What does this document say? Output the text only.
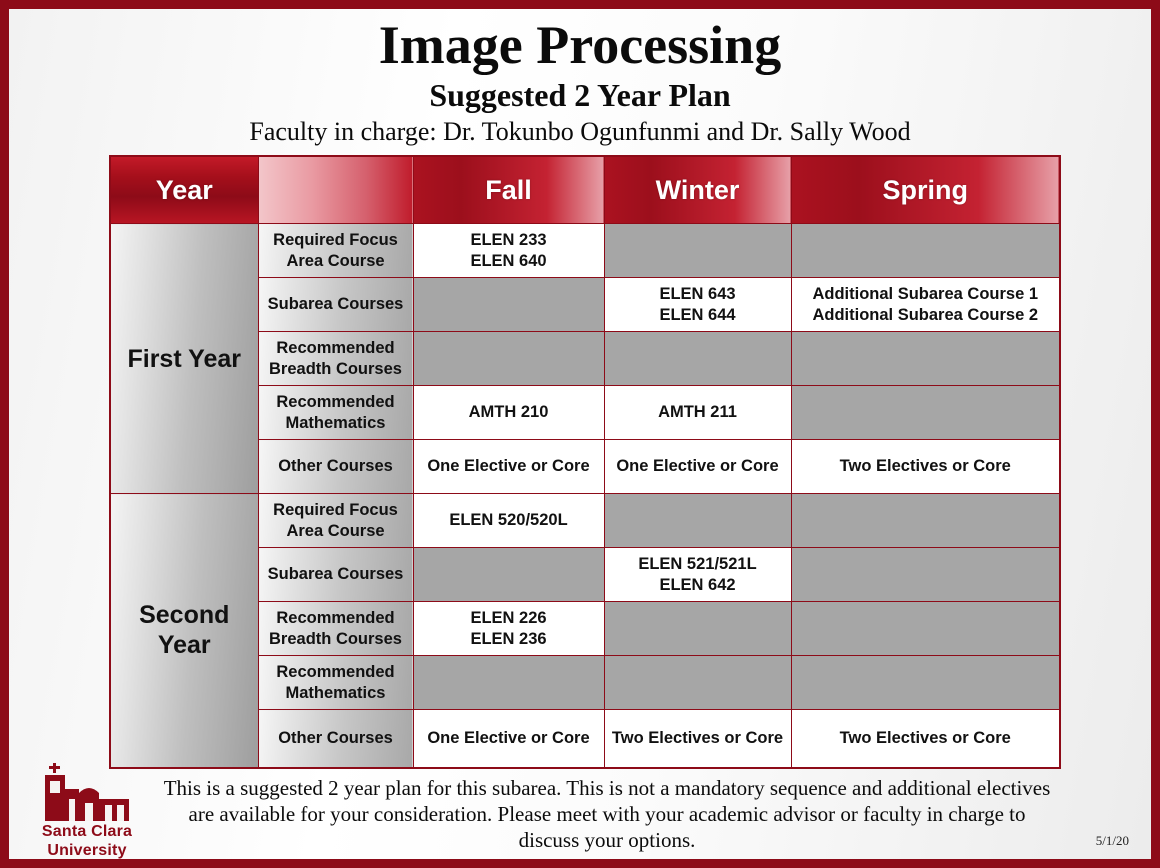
Image Processing
Suggested 2 Year Plan
Faculty in charge: Dr. Tokunbo Ogunfunmi and Dr. Sally Wood
Year		Fall	Winter	Spring
First Year	Required Focus Area Course	ELEN 233
ELEN 640		
	Subarea Courses		ELEN 643
ELEN 644	Additional Subarea Course 1
Additional Subarea Course 2
	Recommended Breadth Courses			
	Recommended Mathematics	AMTH 210	AMTH 211	
	Other Courses	One Elective or Core	One Elective or Core	Two Electives or Core
Second Year	Required Focus Area Course	ELEN 520/520L		
	Subarea Courses		ELEN 521/521L
ELEN 642	
	Recommended Breadth Courses	ELEN 226
ELEN 236		
	Recommended Mathematics			
	Other Courses	One Elective or Core	Two Electives or Core	Two Electives or Core
This is a suggested 2 year plan for this subarea. This is not a mandatory sequence and additional electives are available for your consideration. Please meet with your academic advisor or faculty in charge to discuss your options.	5/1/20
Santa Clara
University
